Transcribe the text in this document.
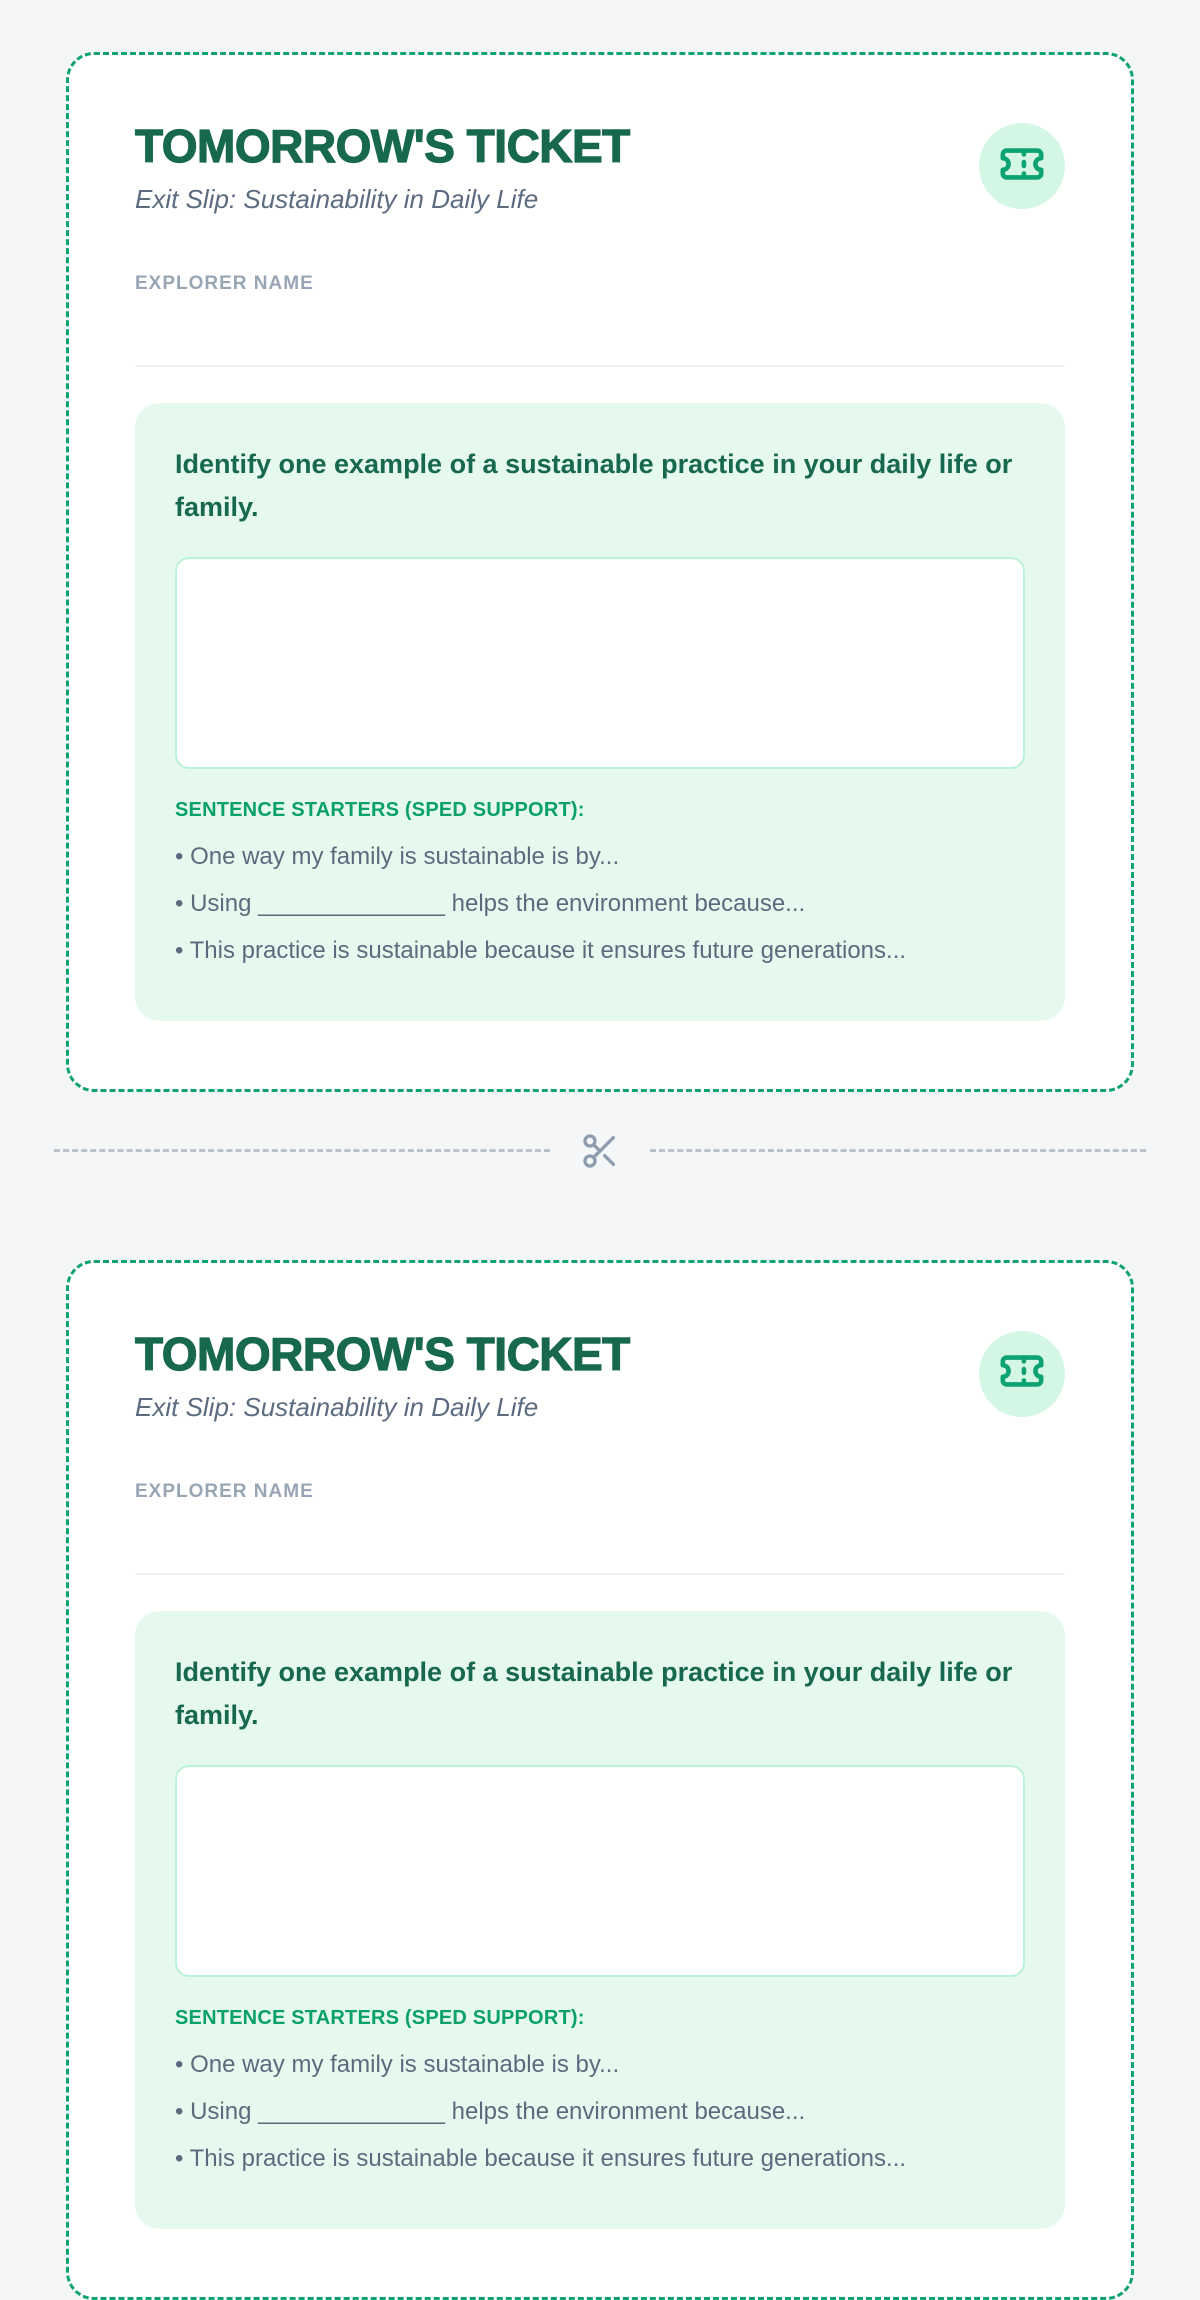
TOMORROW'S TICKET
Exit Slip: Sustainability in Daily Life
EXPLORER NAME
Identify one example of a sustainable practice in your daily life or family.
SENTENCE STARTERS (SPED SUPPORT):
• One way my family is sustainable is by...
• Using ______________ helps the environment because...
• This practice is sustainable because it ensures future generations...
TOMORROW'S TICKET
Exit Slip: Sustainability in Daily Life
EXPLORER NAME
Identify one example of a sustainable practice in your daily life or family.
SENTENCE STARTERS (SPED SUPPORT):
• One way my family is sustainable is by...
• Using ______________ helps the environment because...
• This practice is sustainable because it ensures future generations...
